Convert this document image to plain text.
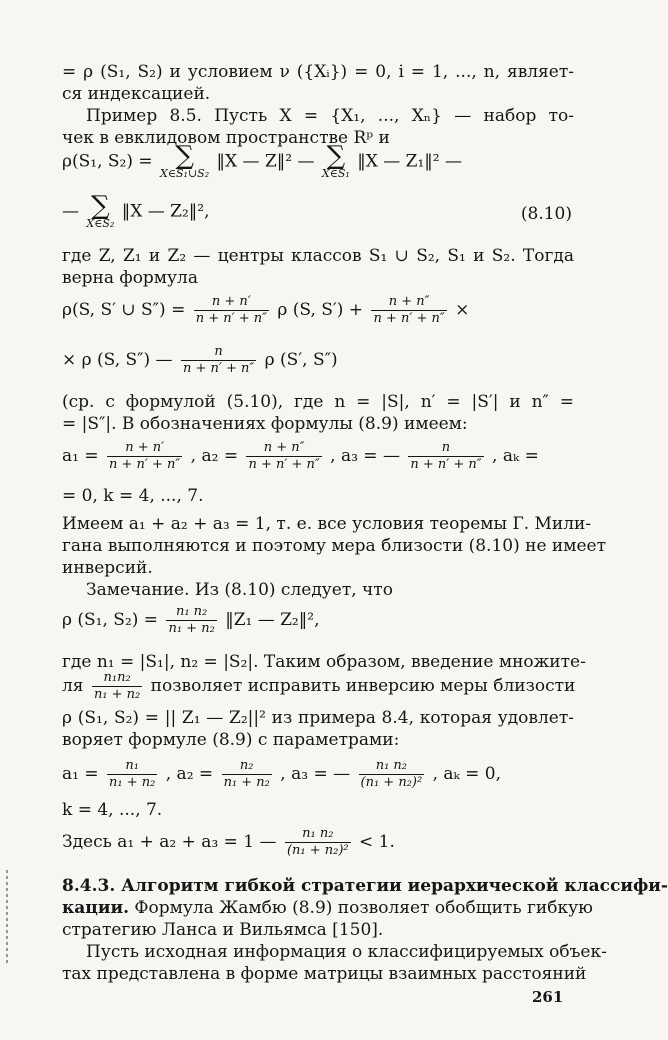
= ρ (S₁, S₂) и условием ν ({Xᵢ}) = 0, i = 1, ..., n, являет-
ся индексацией.
Пример 8.5. Пусть X = {X₁, ..., Xₙ} — набор то-
чек в евклидовом пространстве Rᵖ и
ρ(S₁, S₂) = ∑
X∈S₁∪S₂
‖X — Z‖² — ∑
X∈S₁
‖X — Z₁‖² —
— ∑
X∈S₂
‖X — Z₂‖²,	(8.10)
где Z, Z₁ и Z₂ — центры классов S₁ ∪ S₂, S₁ и S₂. Тогда
верна формула
ρ(S, S′ ∪ $S'') = \frac{n + n'}{n + n' + n''}$ ρ (S, $S') + \frac{n + n''}{n + n' + n''}$ ×
× ρ (S, S″) — $\frac{n}{n + n' + n''}$ ρ (S′, S″)
(ср. с формулой (5.10), где n = |S|, n′ = |S′| и n″ =
= |S″|. В обозначениях формулы (8.9) имеем:
$a_1 = \frac{n + n'}{n + n' + n''}$ , $a_2 = \frac{n + n''}{n + n' + n''}$ , a₃ = — $\frac{n}{n + n' + n''}$ , aₖ =
= 0, k = 4, ..., 7.
Имеем a₁ + a₂ + a₃ = 1, т. е. все условия теоремы Г. Мили-
гана выполняются и поэтому мера близости (8.10) не имеет
инверсий.
Замечание. Из (8.10) следует, что
ρ (S₁, $S_2) = \frac{\text{n₁ n₂}}{\text{n₁ + n₂}}$ ‖Z₁ — Z₂‖²,
где n₁ = |S₁|, n₂ = |S₂|. Таким образом, введение множите-
ля $\frac{\text{n₁n₂}}{\text{n₁ + n₂}}$ позволяет исправить инверсию меры близости
ρ (S₁, S₂) = || Z₁ — Z₂||² из примера 8.4, которая удовлет-
воряет формуле (8.9) с параметрами:
$a_1 = \frac{\text{n₁}}{\text{n₁ + n₂}}$ , $a_2 = \frac{\text{n₂}}{\text{n₁ + n₂}}$ , a₃ = — $\frac{\text{n₁ n₂}}{\text{(n₁ + n₂)²}}$ , aₖ = 0,
k = 4, ..., 7.
Здесь a₁ + a₂ + a₃ = 1 — $\frac{\text{n₁ n₂}}{\text{(n₁ + n₂)²}} < 1$.
8.4.3. Алгоритм гибкой стратегии иерархической классифи-
кации. Формула Жамбю (8.9) позволяет обобщить гибкую
стратегию Ланса и Вильямса [150].
Пусть исходная информация о классифицируемых объек-
тах представлена в форме матрицы взаимных расстояний
261
